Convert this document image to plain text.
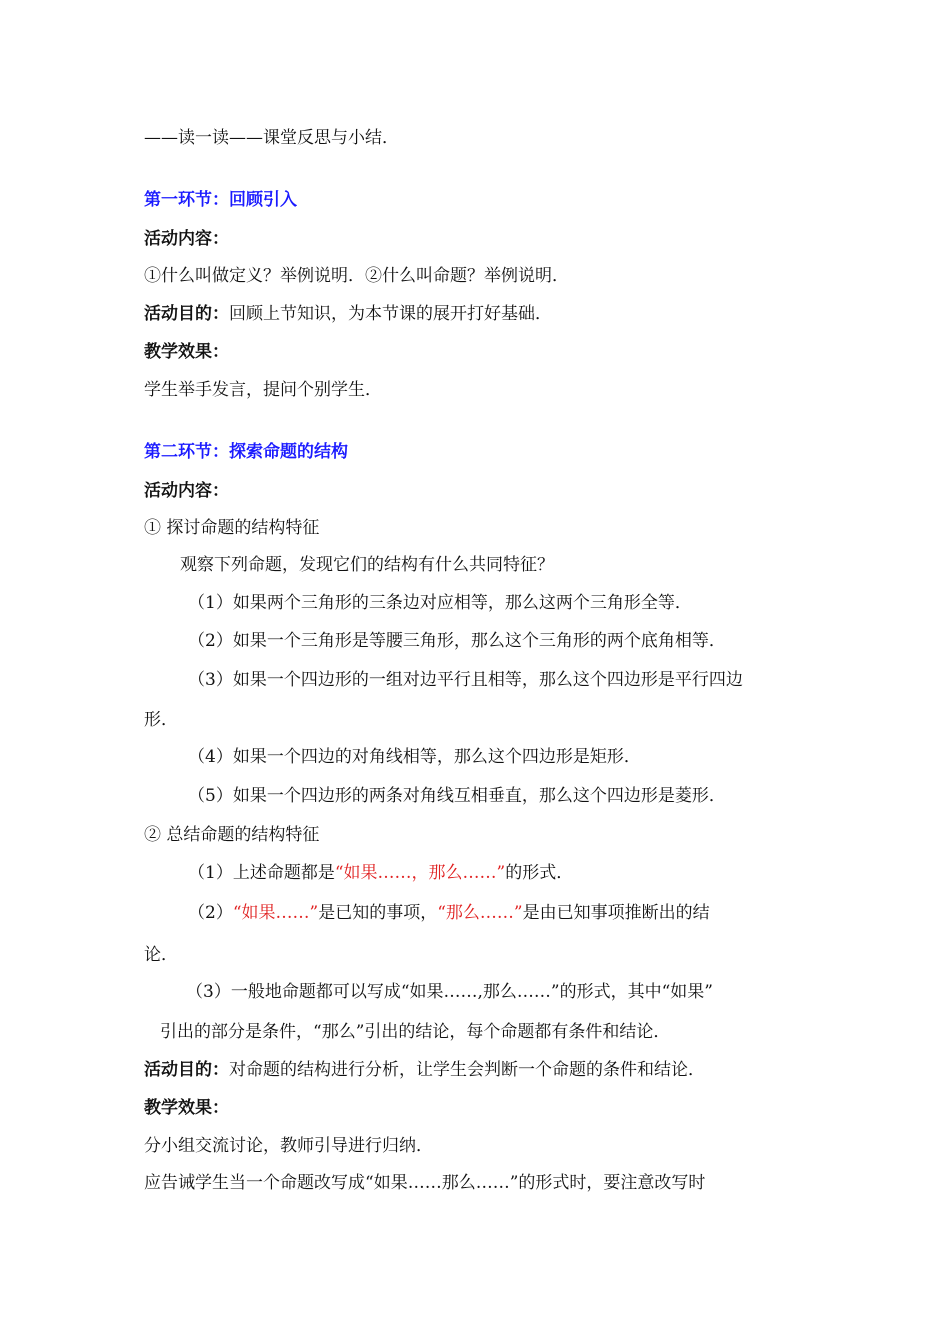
——读一读——课堂反思与小结．
第一环节：回顾引入
活动内容：
①什么叫做定义？举例说明．②什么叫命题？举例说明．
活动目的：回顾上节知识，为本节课的展开打好基础．
教学效果：
学生举手发言，提问个别学生．
第二环节：探索命题的结构
活动内容：
① 探讨命题的结构特征
观察下列命题，发现它们的结构有什么共同特征？
（1）如果两个三角形的三条边对应相等，那么这两个三角形全等．
（2）如果一个三角形是等腰三角形，那么这个三角形的两个底角相等．
（3）如果一个四边形的一组对边平行且相等，那么这个四边形是平行四边
形．
（4）如果一个四边的对角线相等，那么这个四边形是矩形．
（5）如果一个四边形的两条对角线互相垂直，那么这个四边形是菱形．
② 总结命题的结构特征
（1）上述命题都是“如果……，那么……”的形式．
（2）“如果……”是已知的事项，“那么……”是由已知事项推断出的结
论．
（3）一般地命题都可以写成“如果……,那么……”的形式，其中“如果”
引出的部分是条件，“那么”引出的结论，每个命题都有条件和结论．
活动目的：对命题的结构进行分析，让学生会判断一个命题的条件和结论．
教学效果：
分小组交流讨论，教师引导进行归纳．
应告诫学生当一个命题改写成“如果……那么……”的形式时，要注意改写时
